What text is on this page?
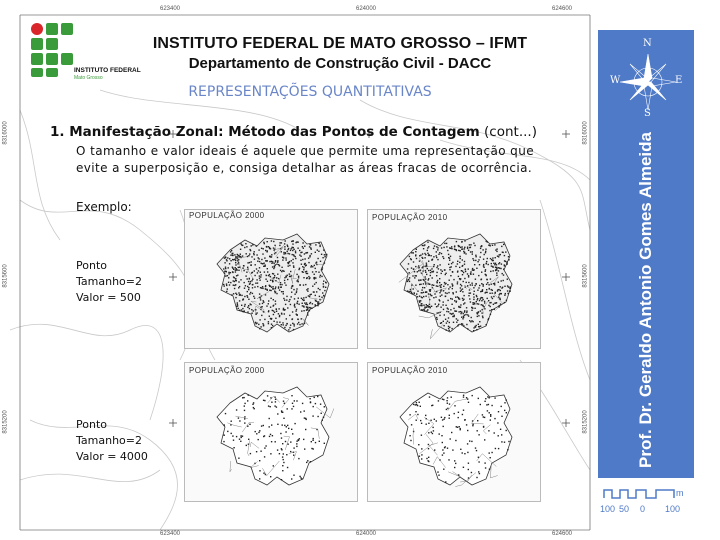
623400	624000	624600
623400	624000	624600
8316000
8315600
8315200
8316000
8315600
8315200
INSTITUTO FEDERAL
Mato Grosso
INSTITUTO FEDERAL DE MATO GROSSO – IFMT
Departamento de Construção Civil - DACC
REPRESENTAÇÕES QUANTITATIVAS
1. Manifestação Zonal: Método das Pontos de Contagem (cont...)
O tamanho e valor ideais é aquele que permite uma representação que evite a superposição e, consiga detalhar as áreas fracas de ocorrência.
Exemplo:
Ponto
Tamanho=2
Valor = 500
Ponto
Tamanho=2
Valor = 4000
POPULAÇÃO 2000	POPULAÇÃO 2010
POPULAÇÃO 2000	POPULAÇÃO 2010	Prof. Dr. Geraldo Antonio Gomes Almeida
N
S
E
W
m
100 50 0 100
